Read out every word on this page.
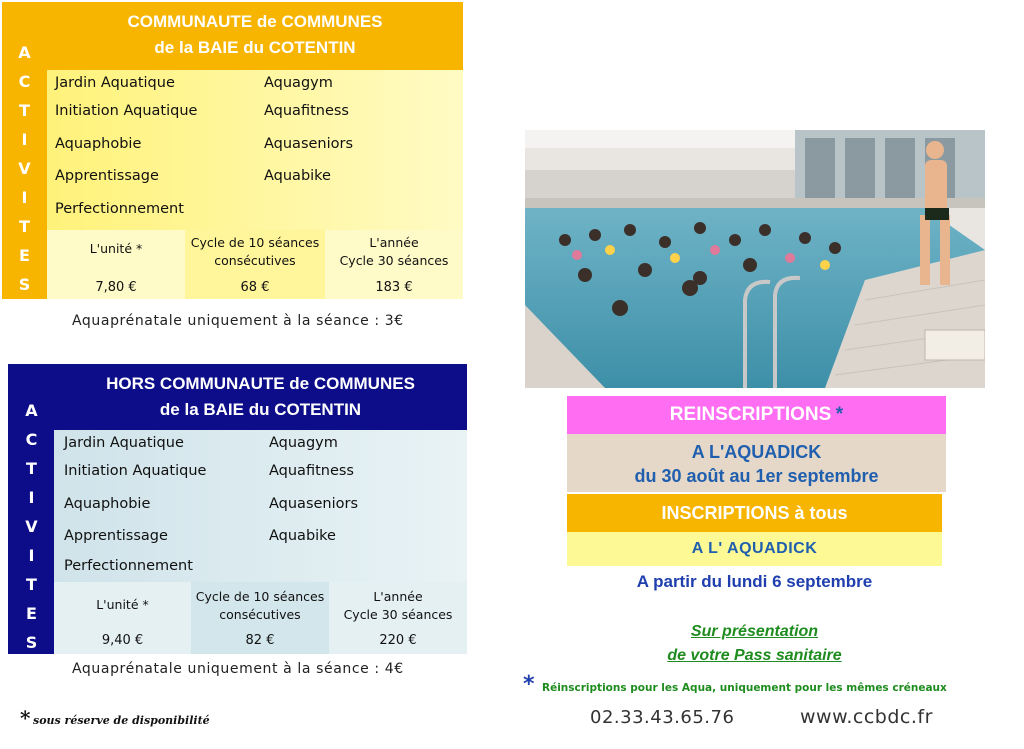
A
C
T
I
V
I
T
E
S
COMMUNAUTE de COMMUNES
de la BAIE du COTENTIN
Jardin Aquatique
Initiation Aquatique
Aquaphobie
Apprentissage
Perfectionnement
Aquagym
Aquafitness
Aquaseniors
Aquabike
L'unité *
7,80 €
Cycle de 10 séances
consécutives
68 €
L'année
Cycle 30 séances
183 €
Aquaprénatale uniquement à la séance : 3€
A
C
T
I
V
I
T
E
S
HORS COMMUNAUTE de COMMUNES
de la BAIE du COTENTIN
Jardin Aquatique
Initiation Aquatique
Aquaphobie
Apprentissage
Perfectionnement
Aquagym
Aquafitness
Aquaseniors
Aquabike
L'unité *
9,40 €
Cycle de 10 séances
consécutives
82 €
L'année
Cycle 30 séances
220 €
Aquaprénatale uniquement à la séance : 4€
* sous réserve de disponibilité
REINSCRIPTIONS *
A L'AQUADICK
du 30 août au 1er septembre
INSCRIPTIONS à tous
A L' AQUADICK
A partir du lundi 6 septembre
Sur présentation
de votre Pass sanitaire
* Réinscriptions pour les Aqua, uniquement pour les mêmes créneaux
02.33.43.65.76	www.ccbdc.fr
